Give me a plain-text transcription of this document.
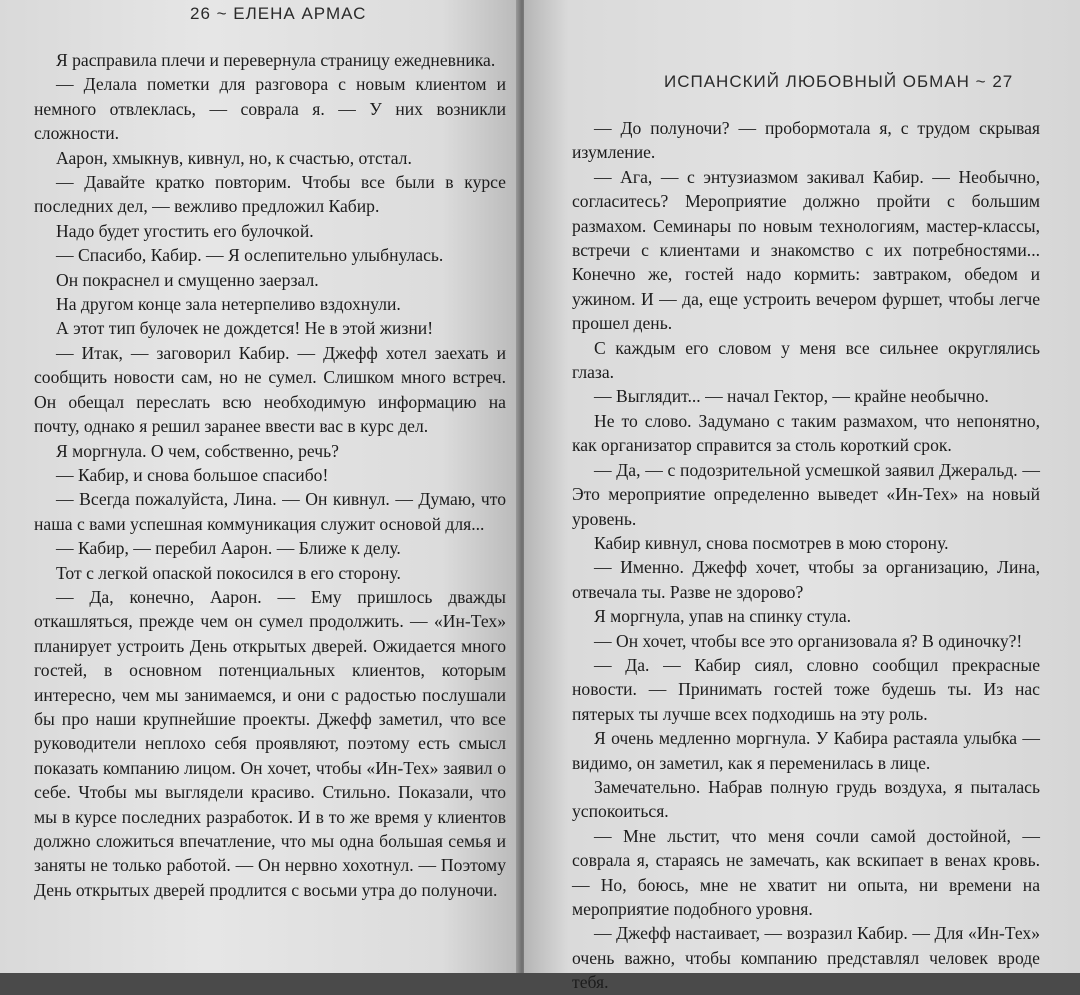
26 ~ ЕЛЕНА АРМАС

Я расправила плечи и перевернула страницу ежедневника.

— Делала пометки для разговора с новым клиентом и немного отвлеклась, — соврала я. — У них возникли сложности.

Аарон, хмыкнув, кивнул, но, к счастью, отстал.

— Давайте кратко повторим. Чтобы все были в курсе последних дел, — вежливо предложил Кабир.

Надо будет угостить его булочкой.

— Спасибо, Кабир. — Я ослепительно улыбнулась.

Он покраснел и смущенно заерзал.

На другом конце зала нетерпеливо вздохнули.

А этот тип булочек не дождется! Не в этой жизни!

— Итак, — заговорил Кабир. — Джефф хотел заехать и сообщить новости сам, но не сумел. Слишком много встреч. Он обещал переслать всю необходимую информацию на почту, однако я решил заранее ввести вас в курс дел.

Я моргнула. О чем, собственно, речь?

— Кабир, и снова большое спасибо!

— Всегда пожалуйста, Лина. — Он кивнул. — Думаю, что наша с вами успешная коммуникация служит основой для...

— Кабир, — перебил Аарон. — Ближе к делу.

Тот с легкой опаской покосился в его сторону.

— Да, конечно, Аарон. — Ему пришлось дважды откашляться, прежде чем он сумел продолжить. — «Ин-Тех» планирует устроить День открытых дверей. Ожидается много гостей, в основном потенциальных клиентов, которым интересно, чем мы занимаемся, и они с радостью послушали бы про наши крупнейшие проекты. Джефф заметил, что все руководители неплохо себя проявляют, поэтому есть смысл показать компанию лицом. Он хочет, чтобы «Ин-Тех» заявил о себе. Чтобы мы выглядели красиво. Стильно. Показали, что мы в курсе последних разработок. И в то же время у клиентов должно сложиться впечатление, что мы одна большая семья и заняты не только работой. — Он нервно хохотнул. — Поэтому День открытых дверей продлится с восьми утра до полуночи.

ИСПАНСКИЙ ЛЮБОВНЫЙ ОБМАН ~ 27

— До полуночи? — пробормотала я, с трудом скрывая изумление.

— Ага, — с энтузиазмом закивал Кабир. — Необычно, согласитесь? Мероприятие должно пройти с большим размахом. Семинары по новым технологиям, мастер-классы, встречи с клиентами и знакомство с их потребностями... Конечно же, гостей надо кормить: завтраком, обедом и ужином. И — да, еще устроить вечером фуршет, чтобы легче прошел день.

С каждым его словом у меня все сильнее округлялись глаза.

— Выглядит... — начал Гектор, — крайне необычно.

Не то слово. Задумано с таким размахом, что непонятно, как организатор справится за столь короткий срок.

— Да, — с подозрительной усмешкой заявил Джеральд. — Это мероприятие определенно выведет «Ин-Тех» на новый уровень.

Кабир кивнул, снова посмотрев в мою сторону.

— Именно. Джефф хочет, чтобы за организацию, Лина, отвечала ты. Разве не здорово?

Я моргнула, упав на спинку стула.

— Он хочет, чтобы все это организовала я? В одиночку?!

— Да. — Кабир сиял, словно сообщил прекрасные новости. — Принимать гостей тоже будешь ты. Из нас пятерых ты лучше всех подходишь на эту роль.

Я очень медленно моргнула. У Кабира растаяла улыбка — видимо, он заметил, как я переменилась в лице.

Замечательно. Набрав полную грудь воздуха, я пыталась успокоиться.

— Мне льстит, что меня сочли самой достойной, — соврала я, стараясь не замечать, как вскипает в венах кровь. — Но, боюсь, мне не хватит ни опыта, ни времени на мероприятие подобного уровня.

— Джефф настаивает, — возразил Кабир. — Для «Ин-Тех» очень важно, чтобы компанию представлял человек вроде тебя.
